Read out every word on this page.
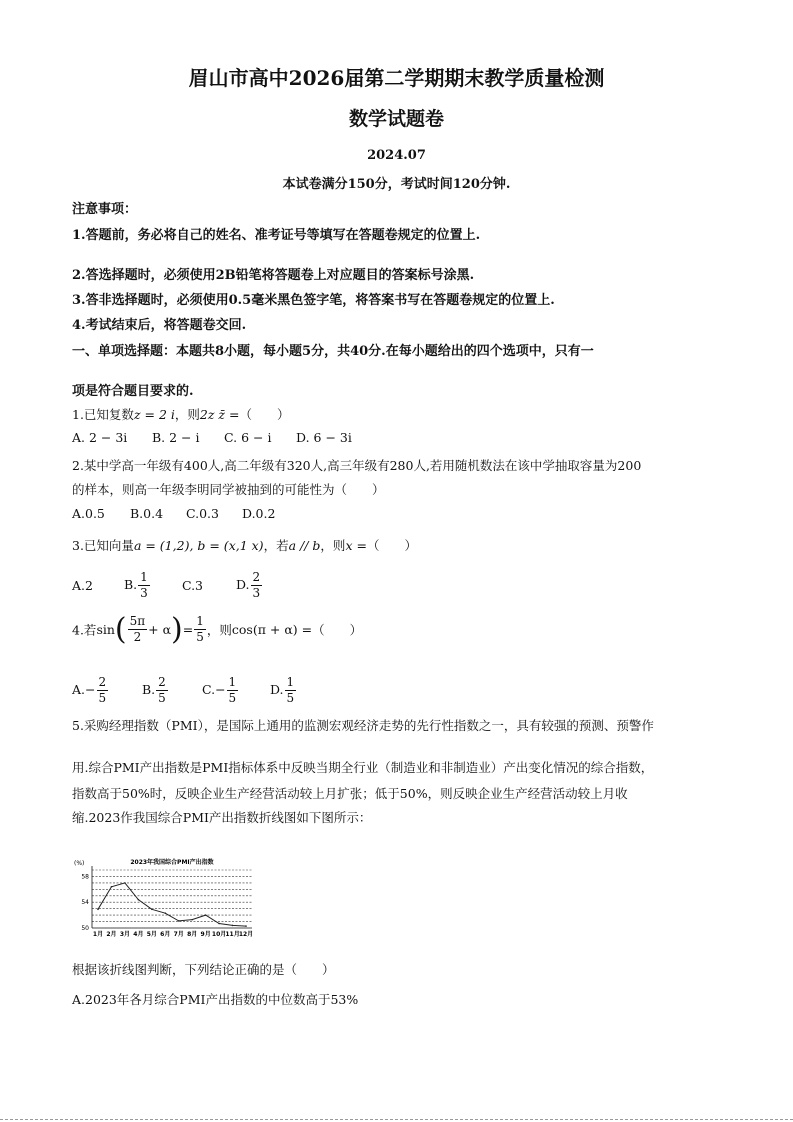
眉山市高中2026届第二学期期末教学质量检测
数学试题卷
2024.07
本试卷满分150分，考试时间120分钟.
注意事项：
1.答题前，务必将自己的姓名、准考证号等填写在答题卷规定的位置上.
2.答选择题时，必须使用2B铅笔将答题卷上对应题目的答案标号涂黑.
3.答非选择题时，必须使用0.5毫米黑色签字笔，将答案书写在答题卷规定的位置上.
4.考试结束后，将答题卷交回.
一、单项选择题：本题共8小题，每小题5分，共40分.在每小题给出的四个选项中，只有一
项是符合题目要求的.
1.已知复数z = 2 i，则2z z̄ =（　　）
A. 2 − 3i B. 2 − i C. 6 − i D. 6 − 3i
2.某中学高一年级有400人,高二年级有320人,高三年级有280人,若用随机数法在该中学抽取容量为200
的样本，则高一年级李明同学被抽到的可能性为（　　）
A.0.5 B.0.4 C.0.3 D.0.2
3.已知向量a = (1,2), b = (x,1 x)，若a // b，则x =（　　）
A.2 B. $\frac{1}{3}$	C.3	D. $\frac{2}{3}$
4.若$\sin( \frac{5\pi}{2} + \alpha)= \frac{1}{5}$ ，则cos(π + α) =（　　）
$A.- \frac{2}{5}$	B. $\frac{2}{5}$	$C.- \frac{1}{5}$	D. $\frac{1}{5}$
5.采购经理指数（PMI），是国际上通用的监测宏观经济走势的先行性指数之一，具有较强的预测、预警作
用.综合PMI产出指数是PMI指标体系中反映当期全行业（制造业和非制造业）产出变化情况的综合指数，
指数高于50%时，反映企业生产经营活动较上月扩张；低于50%，则反映企业生产经营活动较上月收
缩.2023作我国综合PMI产出指数折线图如下图所示：
2023年我国综合PMI产出指数
(%)
50
54
58
1月 2月 3月 4月 5月 6月 7月 8月 9月 10月 11月 12月
根据该折线图判断，下列结论正确的是（　　）
A.2023年各月综合PMI产出指数的中位数高于53%
